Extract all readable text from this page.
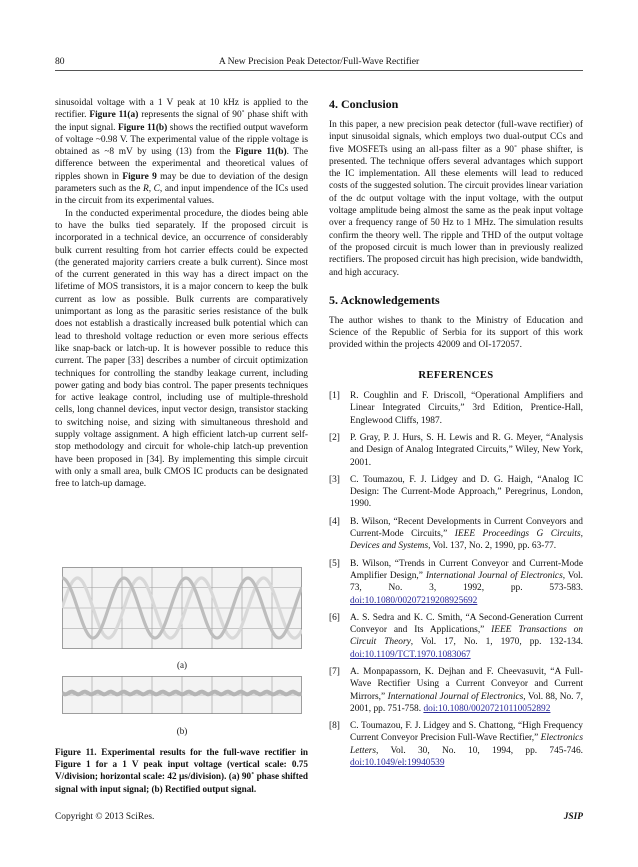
80	A New Precision Peak Detector/Full-Wave Rectifier

sinusoidal voltage with a 1 V peak at 10 kHz is applied to the rectifier. Figure 11(a) represents the signal of 90˚ phase shift with the input signal. Figure 11(b) shows the rectified output waveform of voltage ~0.98 V. The experimental value of the ripple voltage is obtained as ~8 mV by using (13) from the Figure 11(b). The difference between the experimental and theoretical values of ripples shown in Figure 9 may be due to deviation of the design parameters such as the R, C, and input impendence of the ICs used in the circuit from its experimental values.

In the conducted experimental procedure, the diodes being able to have the bulks tied separately. If the proposed circuit is incorporated in a technical device, an occurrence of considerably bulk current resulting from hot carrier effects could be expected (the generated majority carriers create a bulk current). Since most of the current generated in this way has a direct impact on the lifetime of MOS transistors, it is a major concern to keep the bulk current as low as possible. Bulk currents are comparatively unimportant as long as the parasitic series resistance of the bulk does not establish a drastically increased bulk potential which can lead to threshold voltage reduction or even more serious effects like snap-back or latch-up. It is however possible to reduce this current. The paper [33] describes a number of circuit optimization techniques for controlling the standby leakage current, including power gating and body bias control. The paper presents techniques for active leakage control, including use of multiple-threshold cells, long channel devices, input vector design, transistor stacking to switching noise, and sizing with simultaneous threshold and supply voltage assignment. A high efficient latch-up current self-stop methodology and circuit for whole-chip latch-up prevention have been proposed in [34]. By implementing this simple circuit with only a small area, bulk CMOS IC products can be designated free to latch-up damage.

(a)
(b)
Figure 11. Experimental results for the full-wave rectifier in Figure 1 for a 1 V peak input voltage (vertical scale: 0.75 V/division; horizontal scale: 42 µs/division). (a) 90˚ phase shifted signal with input signal; (b) Rectified output signal.
4. Conclusion

In this paper, a new precision peak detector (full-wave rectifier) of input sinusoidal signals, which employs two dual-output CCs and five MOSFETs using an all-pass filter as a 90˚ phase shifter, is presented. The technique offers several advantages which support the IC implementation. All these elements will lead to reduced costs of the suggested solution. The circuit provides linear variation of the dc output voltage with the input voltage, with the output voltage amplitude being almost the same as the peak input voltage over a frequency range of 50 Hz to 1 MHz. The simulation results confirm the theory well. The ripple and THD of the output voltage of the proposed circuit is much lower than in previously realized rectifiers. The proposed circuit has high precision, wide bandwidth, and high accuracy.

5. Acknowledgements

The author wishes to thank to the Ministry of Education and Science of the Republic of Serbia for its support of this work provided within the projects 42009 and OI-172057.

REFERENCES
[1]	R. Coughlin and F. Driscoll, “Operational Amplifiers and Linear Integrated Circuits,” 3rd Edition, Prentice-Hall, Englewood Cliffs, 1987.
[2]	P. Gray, P. J. Hurs, S. H. Lewis and R. G. Meyer, “Analysis and Design of Analog Integrated Circuits,” Wiley, New York, 2001.
[3]	C. Toumazou, F. J. Lidgey and D. G. Haigh, “Analog IC Design: The Current-Mode Approach,” Peregrinus, London, 1990.
[4]	B. Wilson, “Recent Developments in Current Conveyors and Current-Mode Circuits,” IEEE Proceedings G Circuits, Devices and Systems, Vol. 137, No. 2, 1990, pp. 63-77.
[5]	B. Wilson, “Trends in Current Conveyor and Current-Mode Amplifier Design,” International Journal of Electronics, Vol. 73, No. 3, 1992, pp. 573-583. doi:10.1080/00207219208925692
[6]	A. S. Sedra and K. C. Smith, “A Second-Generation Current Conveyor and Its Applications,” IEEE Transactions on Circuit Theory, Vol. 17, No. 1, 1970, pp. 132-134. doi:10.1109/TCT.1970.1083067
[7]	A. Monpapassorn, K. Dejhan and F. Cheevasuvit, “A Full-Wave Rectifier Using a Current Conveyor and Current Mirrors,” International Journal of Electronics, Vol. 88, No. 7, 2001, pp. 751-758. doi:10.1080/00207210110052892
[8]	C. Toumazou, F. J. Lidgey and S. Chattong, “High Frequency Current Conveyor Precision Full-Wave Rectifier,” Electronics Letters, Vol. 30, No. 10, 1994, pp. 745-746. doi:10.1049/el:19940539
Copyright © 2013 SciRes.	JSIP
